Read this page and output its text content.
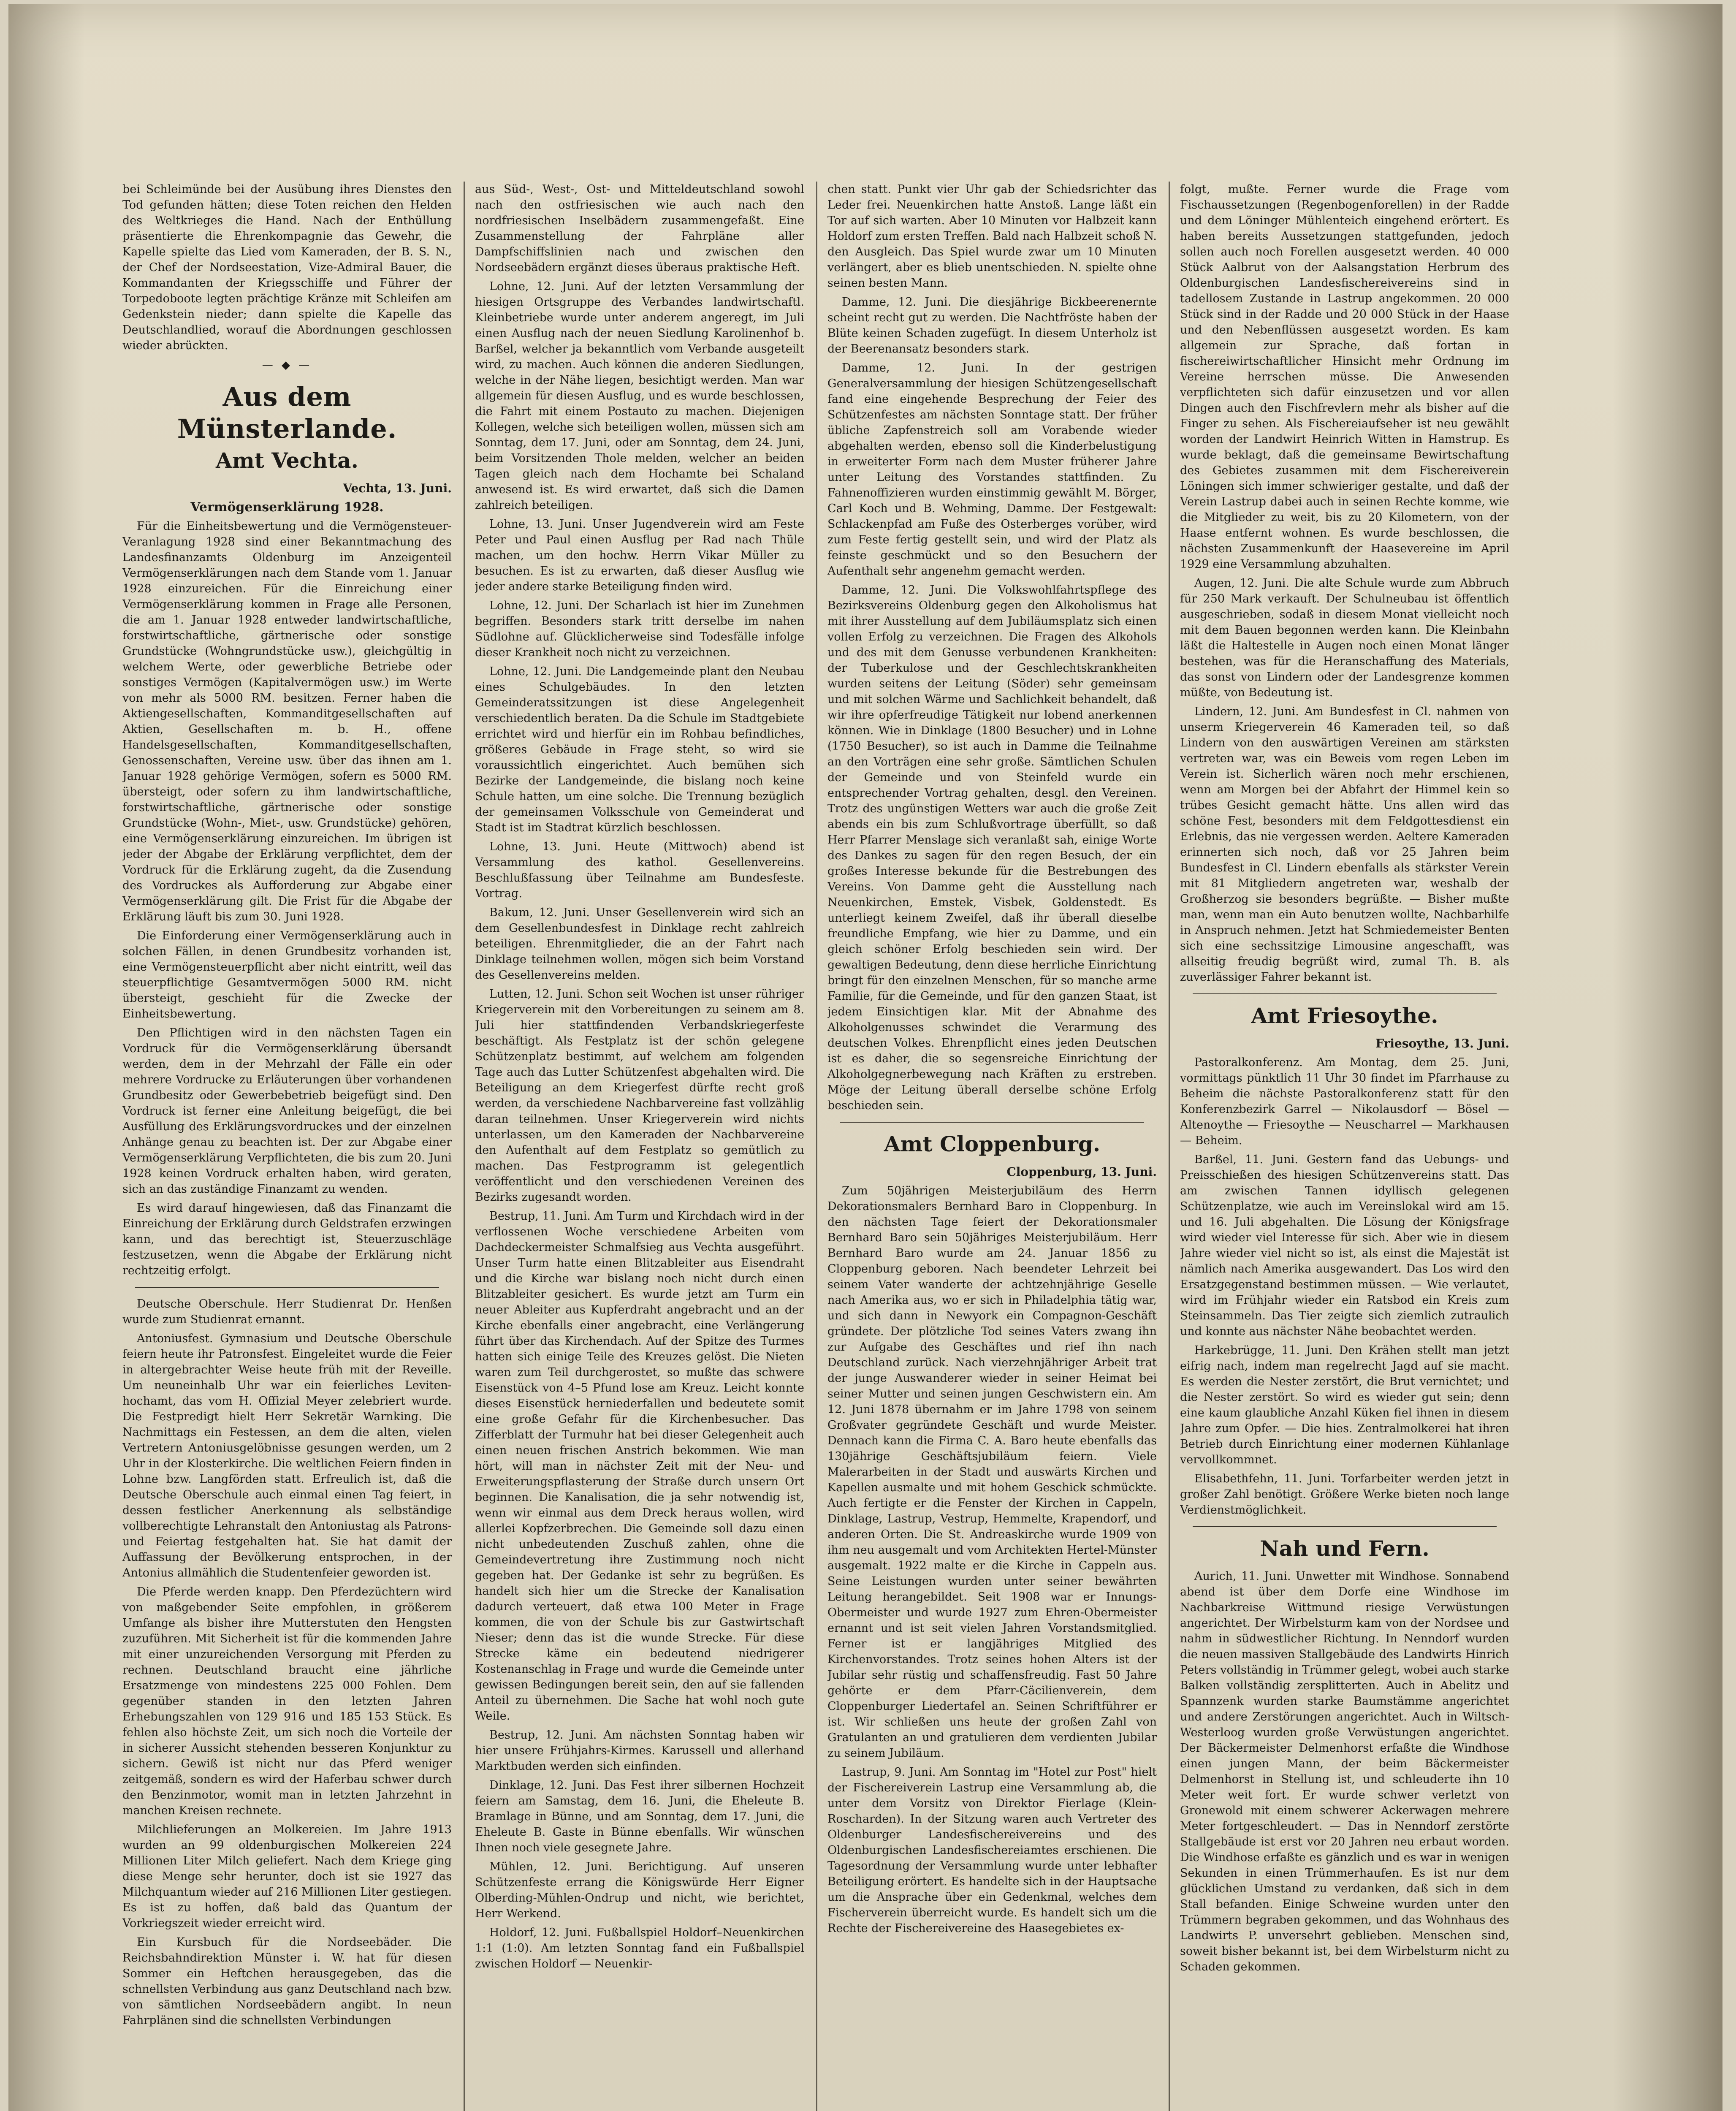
bei Schleimünde bei der Ausübung ihres Dienstes den Tod gefunden hätten; diese Toten reichen den Helden des Weltkrieges die Hand. Nach der Enthüllung präsentierte die Ehrenkompagnie das Gewehr, die Kapelle spielte das Lied vom Kameraden, der B. S. N., der Chef der Nordseestation, Vize-Admiral Bauer, die Kommandanten der Kriegsschiffe und Führer der Torpedoboote legten prächtige Kränze mit Schleifen am Gedenkstein nieder; dann spielte die Kapelle das Deutschlandlied, worauf die Abordnungen geschlossen wieder abrückten.

— ◆ —
Aus dem Münsterlande.
Amt Vechta.
Vechta, 13. Juni.
Vermögenserklärung 1928.

Für die Einheitsbewertung und die Vermögensteuer-Veranlagung 1928 sind einer Bekanntmachung des Landesfinanzamts Oldenburg im Anzeigenteil Vermögenserklärungen nach dem Stande vom 1. Januar 1928 einzureichen. Für die Einreichung einer Vermögenserklärung kommen in Frage alle Personen, die am 1. Januar 1928 entweder landwirtschaftliche, forstwirtschaftliche, gärtnerische oder sonstige Grundstücke (Wohngrundstücke usw.), gleichgültig in welchem Werte, oder gewerbliche Betriebe oder sonstiges Vermögen (Kapitalvermögen usw.) im Werte von mehr als 5000 RM. besitzen. Ferner haben die Aktiengesellschaften, Kommanditgesellschaften auf Aktien, Gesellschaften m. b. H., offene Handelsgesellschaften, Kommanditgesellschaften, Genossenschaften, Vereine usw. über das ihnen am 1. Januar 1928 gehörige Vermögen, sofern es 5000 RM. übersteigt, oder sofern zu ihm landwirtschaftliche, forstwirtschaftliche, gärtnerische oder sonstige Grundstücke (Wohn-, Miet-, usw. Grundstücke) gehören, eine Vermögenserklärung einzureichen. Im übrigen ist jeder der Abgabe der Erklärung verpflichtet, dem der Vordruck für die Erklärung zugeht, da die Zusendung des Vordruckes als Aufforderung zur Abgabe einer Vermögenserklärung gilt. Die Frist für die Abgabe der Erklärung läuft bis zum 30. Juni 1928.

Die Einforderung einer Vermögenserklärung auch in solchen Fällen, in denen Grundbesitz vorhanden ist, eine Vermögensteuerpflicht aber nicht eintritt, weil das steuerpflichtige Gesamtvermögen 5000 RM. nicht übersteigt, geschieht für die Zwecke der Einheitsbewertung.

Den Pflichtigen wird in den nächsten Tagen ein Vordruck für die Vermögenserklärung übersandt werden, dem in der Mehrzahl der Fälle ein oder mehrere Vordrucke zu Erläuterungen über vorhandenen Grundbesitz oder Gewerbebetrieb beigefügt sind. Den Vordruck ist ferner eine Anleitung beigefügt, die bei Ausfüllung des Erklärungsvordruckes und der einzelnen Anhänge genau zu beachten ist. Der zur Abgabe einer Vermögenserklärung Verpflichteten, die bis zum 20. Juni 1928 keinen Vordruck erhalten haben, wird geraten, sich an das zuständige Finanzamt zu wenden.

Es wird darauf hingewiesen, daß das Finanzamt die Einreichung der Erklärung durch Geldstrafen erzwingen kann, und das berechtigt ist, Steuerzuschläge festzusetzen, wenn die Abgabe der Erklärung nicht rechtzeitig erfolgt.

Deutsche Oberschule. Herr Studienrat Dr. Henßen wurde zum Studienrat ernannt.

Antoniusfest. Gymnasium und Deutsche Oberschule feiern heute ihr Patronsfest. Eingeleitet wurde die Feier in altergebrachter Weise heute früh mit der Reveille. Um neuneinhalb Uhr war ein feierliches Leviten-hochamt, das vom H. Offizial Meyer zelebriert wurde. Die Festpredigt hielt Herr Sekretär Warnking. Die Nachmittags ein Festessen, an dem die alten, vielen Vertretern Antoniusgelöbnisse gesungen werden, um 2 Uhr in der Klosterkirche. Die weltlichen Feiern finden in Lohne bzw. Langförden statt. Erfreulich ist, daß die Deutsche Oberschule auch einmal einen Tag feiert, in dessen festlicher Anerkennung als selbständige vollberechtigte Lehranstalt den Antoniustag als Patrons- und Feiertag festgehalten hat. Sie hat damit der Auffassung der Bevölkerung entsprochen, in der Antonius allmählich die Studentenfeier geworden ist.

Die Pferde werden knapp. Den Pferdezüchtern wird von maßgebender Seite empfohlen, in größerem Umfange als bisher ihre Mutterstuten den Hengsten zuzuführen. Mit Sicherheit ist für die kommenden Jahre mit einer unzureichenden Versorgung mit Pferden zu rechnen. Deutschland braucht eine jährliche Ersatzmenge von mindestens 225 000 Fohlen. Dem gegenüber standen in den letzten Jahren Erhebungszahlen von 129 916 und 185 153 Stück. Es fehlen also höchste Zeit, um sich noch die Vorteile der in sicherer Aussicht stehenden besseren Konjunktur zu sichern. Gewiß ist nicht nur das Pferd weniger zeitgemäß, sondern es wird der Haferbau schwer durch den Benzinmotor, womit man in letzten Jahrzehnt in manchen Kreisen rechnete.

Milchlieferungen an Molkereien. Im Jahre 1913 wurden an 99 oldenburgischen Molkereien 224 Millionen Liter Milch geliefert. Nach dem Kriege ging diese Menge sehr herunter, doch ist sie 1927 das Milchquantum wieder auf 216 Millionen Liter gestiegen. Es ist zu hoffen, daß bald das Quantum der Vorkriegszeit wieder erreicht wird.

Ein Kursbuch für die Nordseebäder. Die Reichsbahndirektion Münster i. W. hat für diesen Sommer ein Heftchen herausgegeben, das die schnellsten Verbindung aus ganz Deutschland nach bzw. von sämtlichen Nordseebädern angibt. In neun Fahrplänen sind die schnellsten Verbindungen

aus Süd-, West-, Ost- und Mitteldeutschland sowohl nach den ostfriesischen wie auch nach den nordfriesischen Inselbädern zusammengefaßt. Eine Zusammenstellung der Fahrpläne aller Dampfschiffslinien nach und zwischen den Nordseebädern ergänzt dieses überaus praktische Heft.

Lohne, 12. Juni. Auf der letzten Versammlung der hiesigen Ortsgruppe des Verbandes landwirtschaftl. Kleinbetriebe wurde unter anderem angeregt, im Juli einen Ausflug nach der neuen Siedlung Karolinenhof b. Barßel, welcher ja bekanntlich vom Verbande ausgeteilt wird, zu machen. Auch können die anderen Siedlungen, welche in der Nähe liegen, besichtigt werden. Man war allgemein für diesen Ausflug, und es wurde beschlossen, die Fahrt mit einem Postauto zu machen. Diejenigen Kollegen, welche sich beteiligen wollen, müssen sich am Sonntag, dem 17. Juni, oder am Sonntag, dem 24. Juni, beim Vorsitzenden Thole melden, welcher an beiden Tagen gleich nach dem Hochamte bei Schaland anwesend ist. Es wird erwartet, daß sich die Damen zahlreich beteiligen.

Lohne, 13. Juni. Unser Jugendverein wird am Feste Peter und Paul einen Ausflug per Rad nach Thüle machen, um den hochw. Herrn Vikar Müller zu besuchen. Es ist zu erwarten, daß dieser Ausflug wie jeder andere starke Beteiligung finden wird.

Lohne, 12. Juni. Der Scharlach ist hier im Zunehmen begriffen. Besonders stark tritt derselbe im nahen Südlohne auf. Glücklicherweise sind Todesfälle infolge dieser Krankheit noch nicht zu verzeichnen.

Lohne, 12. Juni. Die Landgemeinde plant den Neubau eines Schulgebäudes. In den letzten Gemeinderatssitzungen ist diese Angelegenheit verschiedentlich beraten. Da die Schule im Stadtgebiete errichtet wird und hierfür ein im Rohbau befindliches, größeres Gebäude in Frage steht, so wird sie voraussichtlich eingerichtet. Auch bemühen sich Bezirke der Landgemeinde, die bislang noch keine Schule hatten, um eine solche. Die Trennung bezüglich der gemeinsamen Volksschule von Gemeinderat und Stadt ist im Stadtrat kürzlich beschlossen.

Lohne, 13. Juni. Heute (Mittwoch) abend ist Versammlung des kathol. Gesellenvereins. Beschlußfassung über Teilnahme am Bundesfeste. Vortrag.

Bakum, 12. Juni. Unser Gesellenverein wird sich an dem Gesellenbundesfest in Dinklage recht zahlreich beteiligen. Ehrenmitglieder, die an der Fahrt nach Dinklage teilnehmen wollen, mögen sich beim Vorstand des Gesellenvereins melden.

Lutten, 12. Juni. Schon seit Wochen ist unser rühriger Kriegerverein mit den Vorbereitungen zu seinem am 8. Juli hier stattfindenden Verbandskriegerfeste beschäftigt. Als Festplatz ist der schön gelegene Schützenplatz bestimmt, auf welchem am folgenden Tage auch das Lutter Schützenfest abgehalten wird. Die Beteiligung an dem Kriegerfest dürfte recht groß werden, da verschiedene Nachbarvereine fast vollzählig daran teilnehmen. Unser Kriegerverein wird nichts unterlassen, um den Kameraden der Nachbarvereine den Aufenthalt auf dem Festplatz so gemütlich zu machen. Das Festprogramm ist gelegentlich veröffentlicht und den verschiedenen Vereinen des Bezirks zugesandt worden.

Bestrup, 11. Juni. Am Turm und Kirchdach wird in der verflossenen Woche verschiedene Arbeiten vom Dachdeckermeister Schmalfsieg aus Vechta ausgeführt. Unser Turm hatte einen Blitzableiter aus Eisendraht und die Kirche war bislang noch nicht durch einen Blitzableiter gesichert. Es wurde jetzt am Turm ein neuer Ableiter aus Kupferdraht angebracht und an der Kirche ebenfalls einer angebracht, eine Verlängerung führt über das Kirchendach. Auf der Spitze des Turmes hatten sich einige Teile des Kreuzes gelöst. Die Nieten waren zum Teil durchgerostet, so mußte das schwere Eisenstück von 4–5 Pfund lose am Kreuz. Leicht konnte dieses Eisenstück herniederfallen und bedeutete somit eine große Gefahr für die Kirchenbesucher. Das Zifferblatt der Turmuhr hat bei dieser Gelegenheit auch einen neuen frischen Anstrich bekommen. Wie man hört, will man in nächster Zeit mit der Neu- und Erweiterungspflasterung der Straße durch unsern Ort beginnen. Die Kanalisation, die ja sehr notwendig ist, wenn wir einmal aus dem Dreck heraus wollen, wird allerlei Kopfzerbrechen. Die Gemeinde soll dazu einen nicht unbedeutenden Zuschuß zahlen, ohne die Gemeindevertretung ihre Zustimmung noch nicht gegeben hat. Der Gedanke ist sehr zu begrüßen. Es handelt sich hier um die Strecke der Kanalisation dadurch verteuert, daß etwa 100 Meter in Frage kommen, die von der Schule bis zur Gastwirtschaft Nieser; denn das ist die wunde Strecke. Für diese Strecke käme ein bedeutend niedrigerer Kostenanschlag in Frage und wurde die Gemeinde unter gewissen Bedingungen bereit sein, den auf sie fallenden Anteil zu übernehmen. Die Sache hat wohl noch gute Weile.

Bestrup, 12. Juni. Am nächsten Sonntag haben wir hier unsere Frühjahrs-Kirmes. Karussell und allerhand Marktbuden werden sich einfinden.

Dinklage, 12. Juni. Das Fest ihrer silbernen Hochzeit feiern am Samstag, dem 16. Juni, die Eheleute B. Bramlage in Bünne, und am Sonntag, dem 17. Juni, die Eheleute B. Gaste in Bünne ebenfalls. Wir wünschen Ihnen noch viele gesegnete Jahre.

Mühlen, 12. Juni. Berichtigung. Auf unseren Schützenfeste errang die Königswürde Herr Eigner Olberding-Mühlen-Ondrup und nicht, wie berichtet, Herr Werkend.

Holdorf, 12. Juni. Fußballspiel Holdorf–Neuenkirchen 1:1 (1:0). Am letzten Sonntag fand ein Fußballspiel zwischen Holdorf — Neuenkir-

chen statt. Punkt vier Uhr gab der Schiedsrichter das Leder frei. Neuenkirchen hatte Anstoß. Lange läßt ein Tor auf sich warten. Aber 10 Minuten vor Halbzeit kann Holdorf zum ersten Treffen. Bald nach Halbzeit schoß N. den Ausgleich. Das Spiel wurde zwar um 10 Minuten verlängert, aber es blieb unentschieden. N. spielte ohne seinen besten Mann.

Damme, 12. Juni. Die diesjährige Bickbeerenernte scheint recht gut zu werden. Die Nachtfröste haben der Blüte keinen Schaden zugefügt. In diesem Unterholz ist der Beerenansatz besonders stark.

Damme, 12. Juni. In der gestrigen Generalversammlung der hiesigen Schützengesellschaft fand eine eingehende Besprechung der Feier des Schützenfestes am nächsten Sonntage statt. Der früher übliche Zapfenstreich soll am Vorabende wieder abgehalten werden, ebenso soll die Kinderbelustigung in erweiterter Form nach dem Muster früherer Jahre unter Leitung des Vorstandes stattfinden. Zu Fahnenoffizieren wurden einstimmig gewählt M. Börger, Carl Koch und B. Wehming, Damme. Der Festgewalt: Schlackenpfad am Fuße des Osterberges vorüber, wird zum Feste fertig gestellt sein, und wird der Platz als feinste geschmückt und so den Besuchern der Aufenthalt sehr angenehm gemacht werden.

Damme, 12. Juni. Die Volkswohlfahrtspflege des Bezirksvereins Oldenburg gegen den Alkoholismus hat mit ihrer Ausstellung auf dem Jubiläumsplatz sich einen vollen Erfolg zu verzeichnen. Die Fragen des Alkohols und des mit dem Genusse verbundenen Krankheiten: der Tuberkulose und der Geschlechtskrankheiten wurden seitens der Leitung (Söder) sehr gemeinsam und mit solchen Wärme und Sachlichkeit behandelt, daß wir ihre opferfreudige Tätigkeit nur lobend anerkennen können. Wie in Dinklage (1800 Besucher) und in Lohne (1750 Besucher), so ist auch in Damme die Teilnahme an den Vorträgen eine sehr große. Sämtlichen Schulen der Gemeinde und von Steinfeld wurde ein entsprechender Vortrag gehalten, desgl. den Vereinen. Trotz des ungünstigen Wetters war auch die große Zeit abends ein bis zum Schlußvortrage überfüllt, so daß Herr Pfarrer Menslage sich veranlaßt sah, einige Worte des Dankes zu sagen für den regen Besuch, der ein großes Interesse bekunde für die Bestrebungen des Vereins. Von Damme geht die Ausstellung nach Neuenkirchen, Emstek, Visbek, Goldenstedt. Es unterliegt keinem Zweifel, daß ihr überall dieselbe freundliche Empfang, wie hier zu Damme, und ein gleich schöner Erfolg beschieden sein wird. Der gewaltigen Bedeutung, denn diese herrliche Einrichtung bringt für den einzelnen Menschen, für so manche arme Familie, für die Gemeinde, und für den ganzen Staat, ist jedem Einsichtigen klar. Mit der Abnahme des Alkoholgenusses schwindet die Verarmung des deutschen Volkes. Ehrenpflicht eines jeden Deutschen ist es daher, die so segensreiche Einrichtung der Alkoholgegnerbewegung nach Kräften zu erstreben. Möge der Leitung überall derselbe schöne Erfolg beschieden sein.

Amt Cloppenburg.
Cloppenburg, 13. Juni.

Zum 50jährigen Meisterjubiläum des Herrn Dekorationsmalers Bernhard Baro in Cloppenburg. In den nächsten Tage feiert der Dekorationsmaler Bernhard Baro sein 50jähriges Meisterjubiläum. Herr Bernhard Baro wurde am 24. Januar 1856 zu Cloppenburg geboren. Nach beendeter Lehrzeit bei seinem Vater wanderte der achtzehnjährige Geselle nach Amerika aus, wo er sich in Philadelphia tätig war, und sich dann in Newyork ein Compagnon-Geschäft gründete. Der plötzliche Tod seines Vaters zwang ihn zur Aufgabe des Geschäftes und rief ihn nach Deutschland zurück. Nach vierzehnjähriger Arbeit trat der junge Auswanderer wieder in seiner Heimat bei seiner Mutter und seinen jungen Geschwistern ein. Am 12. Juni 1878 übernahm er im Jahre 1798 von seinem Großvater gegründete Geschäft und wurde Meister. Dennach kann die Firma C. A. Baro heute ebenfalls das 130jährige Geschäftsjubiläum feiern. Viele Malerarbeiten in der Stadt und auswärts Kirchen und Kapellen ausmalte und mit hohem Geschick schmückte. Auch fertigte er die Fenster der Kirchen in Cappeln, Dinklage, Lastrup, Vestrup, Hemmelte, Krapendorf, und anderen Orten. Die St. Andreaskirche wurde 1909 von ihm neu ausgemalt und vom Architekten Hertel-Münster ausgemalt. 1922 malte er die Kirche in Cappeln aus. Seine Leistungen wurden unter seiner bewährten Leitung herangebildet. Seit 1908 war er Innungs-Obermeister und wurde 1927 zum Ehren-Obermeister ernannt und ist seit vielen Jahren Vorstandsmitglied. Ferner ist er langjähriges Mitglied des Kirchenvorstandes. Trotz seines hohen Alters ist der Jubilar sehr rüstig und schaffensfreudig. Fast 50 Jahre gehörte er dem Pfarr-Cäcilienverein, dem Cloppenburger Liedertafel an. Seinen Schriftführer er ist. Wir schließen uns heute der großen Zahl von Gratulanten an und gratulieren dem verdienten Jubilar zu seinem Jubiläum.

Lastrup, 9. Juni. Am Sonntag im "Hotel zur Post" hielt der Fischereiverein Lastrup eine Versammlung ab, die unter dem Vorsitz von Direktor Fierlage (Klein-Roscharden). In der Sitzung waren auch Vertreter des Oldenburger Landesfischereivereins und des Oldenburgischen Landesfischereiamtes erschienen. Die Tagesordnung der Versammlung wurde unter lebhafter Beteiligung erörtert. Es handelte sich in der Hauptsache um die Ansprache über ein Gedenkmal, welches dem Fischerverein überreicht wurde. Es handelt sich um die Rechte der Fischereivereine des Haasegebietes ex-

folgt, mußte. Ferner wurde die Frage vom Fischaussetzungen (Regenbogenforellen) in der Radde und dem Löninger Mühlenteich eingehend erörtert. Es haben bereits Aussetzungen stattgefunden, jedoch sollen auch noch Forellen ausgesetzt werden. 40 000 Stück Aalbrut von der Aalsangstation Herbrum des Oldenburgischen Landesfischereivereins sind in tadellosem Zustande in Lastrup angekommen. 20 000 Stück sind in der Radde und 20 000 Stück in der Haase und den Nebenflüssen ausgesetzt worden. Es kam allgemein zur Sprache, daß fortan in fischereiwirtschaftlicher Hinsicht mehr Ordnung im Vereine herrschen müsse. Die Anwesenden verpflichteten sich dafür einzusetzen und vor allen Dingen auch den Fischfrevlern mehr als bisher auf die Finger zu sehen. Als Fischereiaufseher ist neu gewählt worden der Landwirt Heinrich Witten in Hamstrup. Es wurde beklagt, daß die gemeinsame Bewirtschaftung des Gebietes zusammen mit dem Fischereiverein Löningen sich immer schwieriger gestalte, und daß der Verein Lastrup dabei auch in seinen Rechte komme, wie die Mitglieder zu weit, bis zu 20 Kilometern, von der Haase entfernt wohnen. Es wurde beschlossen, die nächsten Zusammenkunft der Haasevereine im April 1929 eine Versammlung abzuhalten.

Augen, 12. Juni. Die alte Schule wurde zum Abbruch für 250 Mark verkauft. Der Schulneubau ist öffentlich ausgeschrieben, sodaß in diesem Monat vielleicht noch mit dem Bauen begonnen werden kann. Die Kleinbahn läßt die Haltestelle in Augen noch einen Monat länger bestehen, was für die Heranschaffung des Materials, das sonst von Lindern oder der Landesgrenze kommen müßte, von Bedeutung ist.

Lindern, 12. Juni. Am Bundesfest in Cl. nahmen von unserm Kriegerverein 46 Kameraden teil, so daß Lindern von den auswärtigen Vereinen am stärksten vertreten war, was ein Beweis vom regen Leben im Verein ist. Sicherlich wären noch mehr erschienen, wenn am Morgen bei der Abfahrt der Himmel kein so trübes Gesicht gemacht hätte. Uns allen wird das schöne Fest, besonders mit dem Feldgottesdienst ein Erlebnis, das nie vergessen werden. Aeltere Kameraden erinnerten sich noch, daß vor 25 Jahren beim Bundesfest in Cl. Lindern ebenfalls als stärkster Verein mit 81 Mitgliedern angetreten war, weshalb der Großherzog sie besonders begrüßte. — Bisher mußte man, wenn man ein Auto benutzen wollte, Nachbarhilfe in Anspruch nehmen. Jetzt hat Schmiedemeister Benten sich eine sechssitzige Limousine angeschafft, was allseitig freudig begrüßt wird, zumal Th. B. als zuverlässiger Fahrer bekannt ist.

Amt Friesoythe.
Friesoythe, 13. Juni.

Pastoralkonferenz. Am Montag, dem 25. Juni, vormittags pünktlich 11 Uhr 30 findet im Pfarrhause zu Beheim die nächste Pastoralkonferenz statt für den Konferenzbezirk Garrel — Nikolausdorf — Bösel — Altenoythe — Friesoythe — Neuscharrel — Markhausen — Beheim.

Barßel, 11. Juni. Gestern fand das Uebungs- und Preisschießen des hiesigen Schützenvereins statt. Das am zwischen Tannen idyllisch gelegenen Schützenplatze, wie auch im Vereinslokal wird am 15. und 16. Juli abgehalten. Die Lösung der Königsfrage wird wieder viel Interesse für sich. Aber wie in diesem Jahre wieder viel nicht so ist, als einst die Majestät ist nämlich nach Amerika ausgewandert. Das Los wird den Ersatzgegenstand bestimmen müssen. — Wie verlautet, wird im Frühjahr wieder ein Ratsbod ein Kreis zum Steinsammeln. Das Tier zeigte sich ziemlich zutraulich und konnte aus nächster Nähe beobachtet werden.

Harkebrügge, 11. Juni. Den Krähen stellt man jetzt eifrig nach, indem man regelrecht Jagd auf sie macht. Es werden die Nester zerstört, die Brut vernichtet; und die Nester zerstört. So wird es wieder gut sein; denn eine kaum glaubliche Anzahl Küken fiel ihnen in diesem Jahre zum Opfer. — Die hies. Zentralmolkerei hat ihren Betrieb durch Einrichtung einer modernen Kühlanlage vervollkommnet.

Elisabethfehn, 11. Juni. Torfarbeiter werden jetzt in großer Zahl benötigt. Größere Werke bieten noch lange Verdienstmöglichkeit.

Nah und Fern.

Aurich, 11. Juni. Unwetter mit Windhose. Sonnabend abend ist über dem Dorfe eine Windhose im Nachbarkreise Wittmund riesige Verwüstungen angerichtet. Der Wirbelsturm kam von der Nordsee und nahm in südwestlicher Richtung. In Nenndorf wurden die neuen massiven Stallgebäude des Landwirts Hinrich Peters vollständig in Trümmer gelegt, wobei auch starke Balken vollständig zersplitterten. Auch in Abelitz und Spannzenk wurden starke Baumstämme angerichtet und andere Zerstörungen angerichtet. Auch in Wiltsch-Westerloog wurden große Verwüstungen angerichtet. Der Bäckermeister Delmenhorst erfaßte die Windhose einen jungen Mann, der beim Bäckermeister Delmenhorst in Stellung ist, und schleuderte ihn 10 Meter weit fort. Er wurde schwer verletzt von Gronewold mit einem schwerer Ackerwagen mehrere Meter fortgeschleudert. — Das in Nenndorf zerstörte Stallgebäude ist erst vor 20 Jahren neu erbaut worden. Die Windhose erfaßte es gänzlich und es war in wenigen Sekunden in einen Trümmerhaufen. Es ist nur dem glücklichen Umstand zu verdanken, daß sich in dem Stall befanden. Einige Schweine wurden unter den Trümmern begraben gekommen, und das Wohnhaus des Landwirts P. unversehrt geblieben. Menschen sind, soweit bisher bekannt ist, bei dem Wirbelsturm nicht zu Schaden gekommen.
